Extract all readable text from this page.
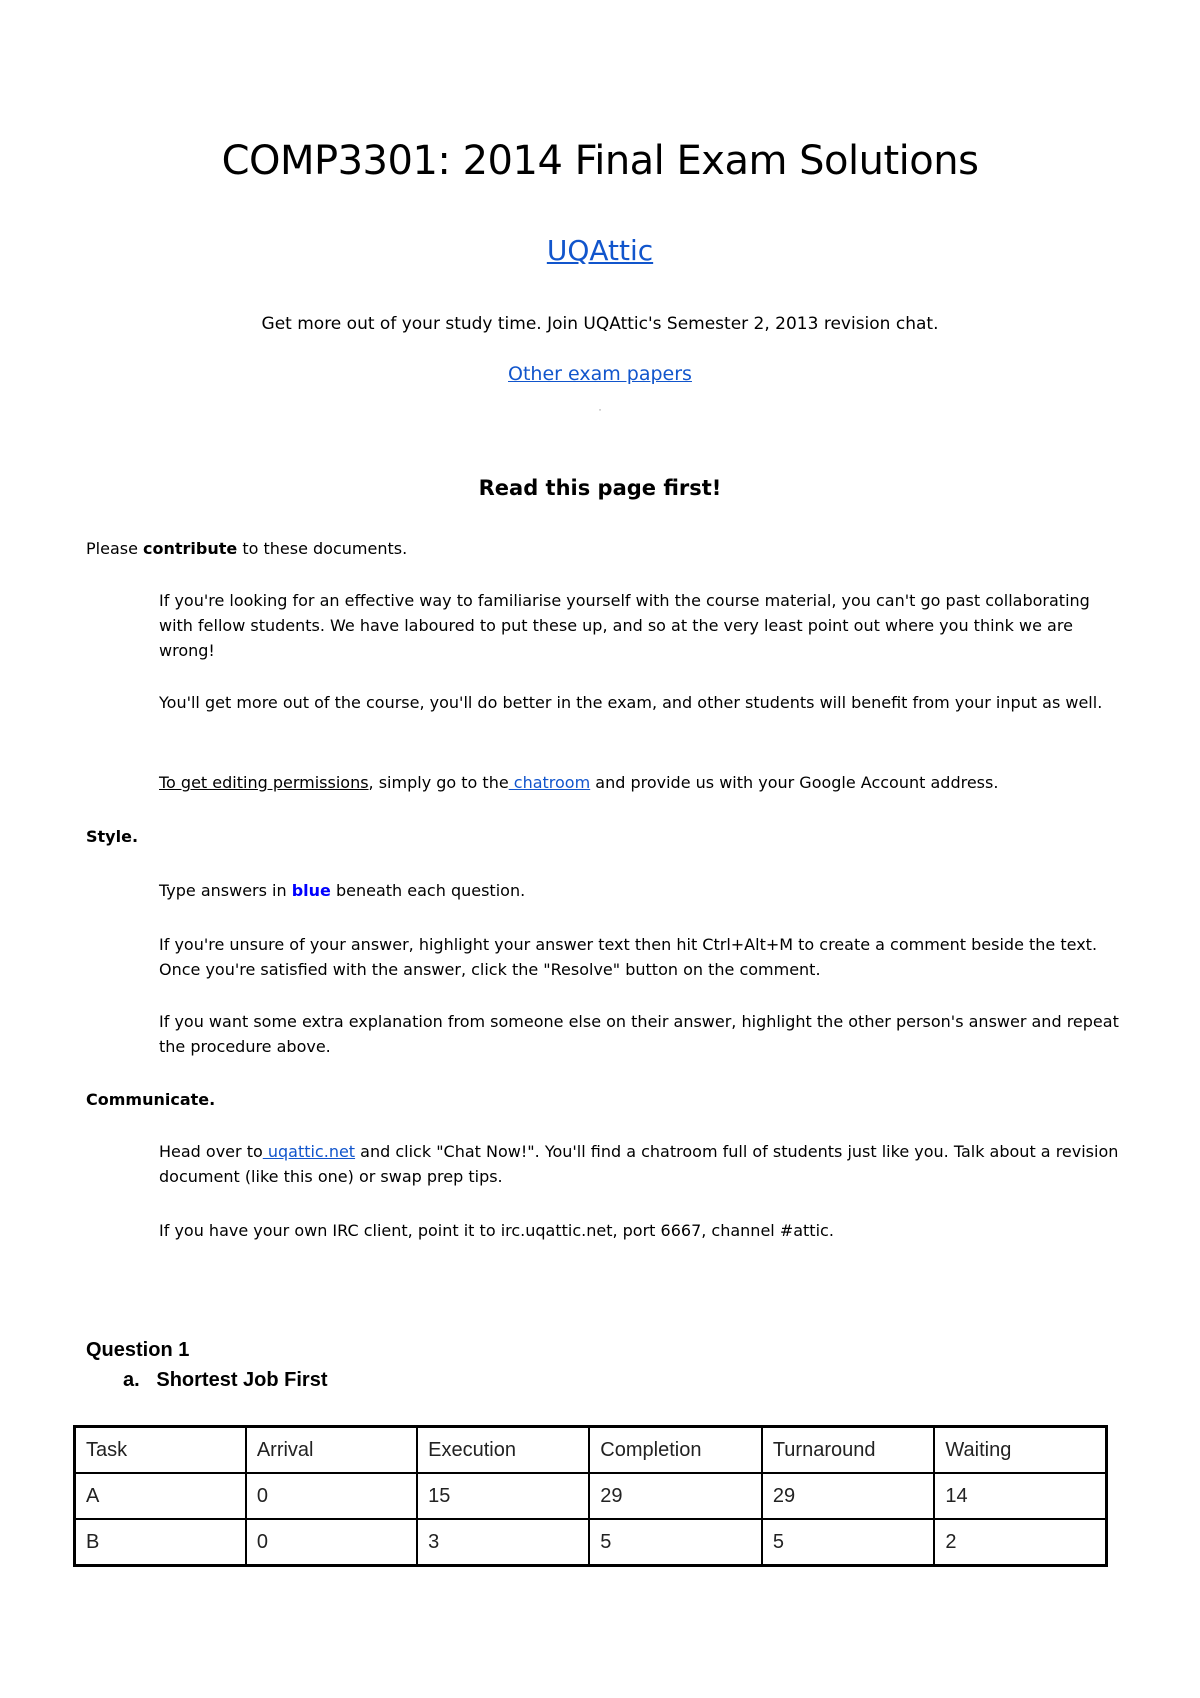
COMP3301: 2014 Final Exam Solutions
UQAttic
Get more out of your study time. Join UQAttic's Semester 2, 2013 revision chat.
Other exam papers
'
Read this page first!
Please contribute to these documents.
If you're looking for an effective way to familiarise yourself with the course material, you can't go past collaborating with fellow students. We have laboured to put these up, and so at the very least point out where you think we are wrong!
You'll get more out of the course, you'll do better in the exam, and other students will benefit from your input as well.
To get editing permissions, simply go to the chatroom and provide us with your Google Account address.
Style.
Type answers in blue beneath each question.
If you're unsure of your answer, highlight your answer text then hit Ctrl+Alt+M to create a comment beside the text. Once you're satisfied with the answer, click the "Resolve" button on the comment.
If you want some extra explanation from someone else on their answer, highlight the other person's answer and repeat the procedure above.
Communicate.
Head over to uqattic.net and click "Chat Now!". You'll find a chatroom full of students just like you. Talk about a revision document (like this one) or swap prep tips.
If you have your own IRC client, point it to irc.uqattic.net, port 6667, channel #attic.
Question 1
a.   Shortest Job First
Task	Arrival	Execution	Completion	Turnaround	Waiting
A	0	15	29	29	14
B	0	3	5	5	2
